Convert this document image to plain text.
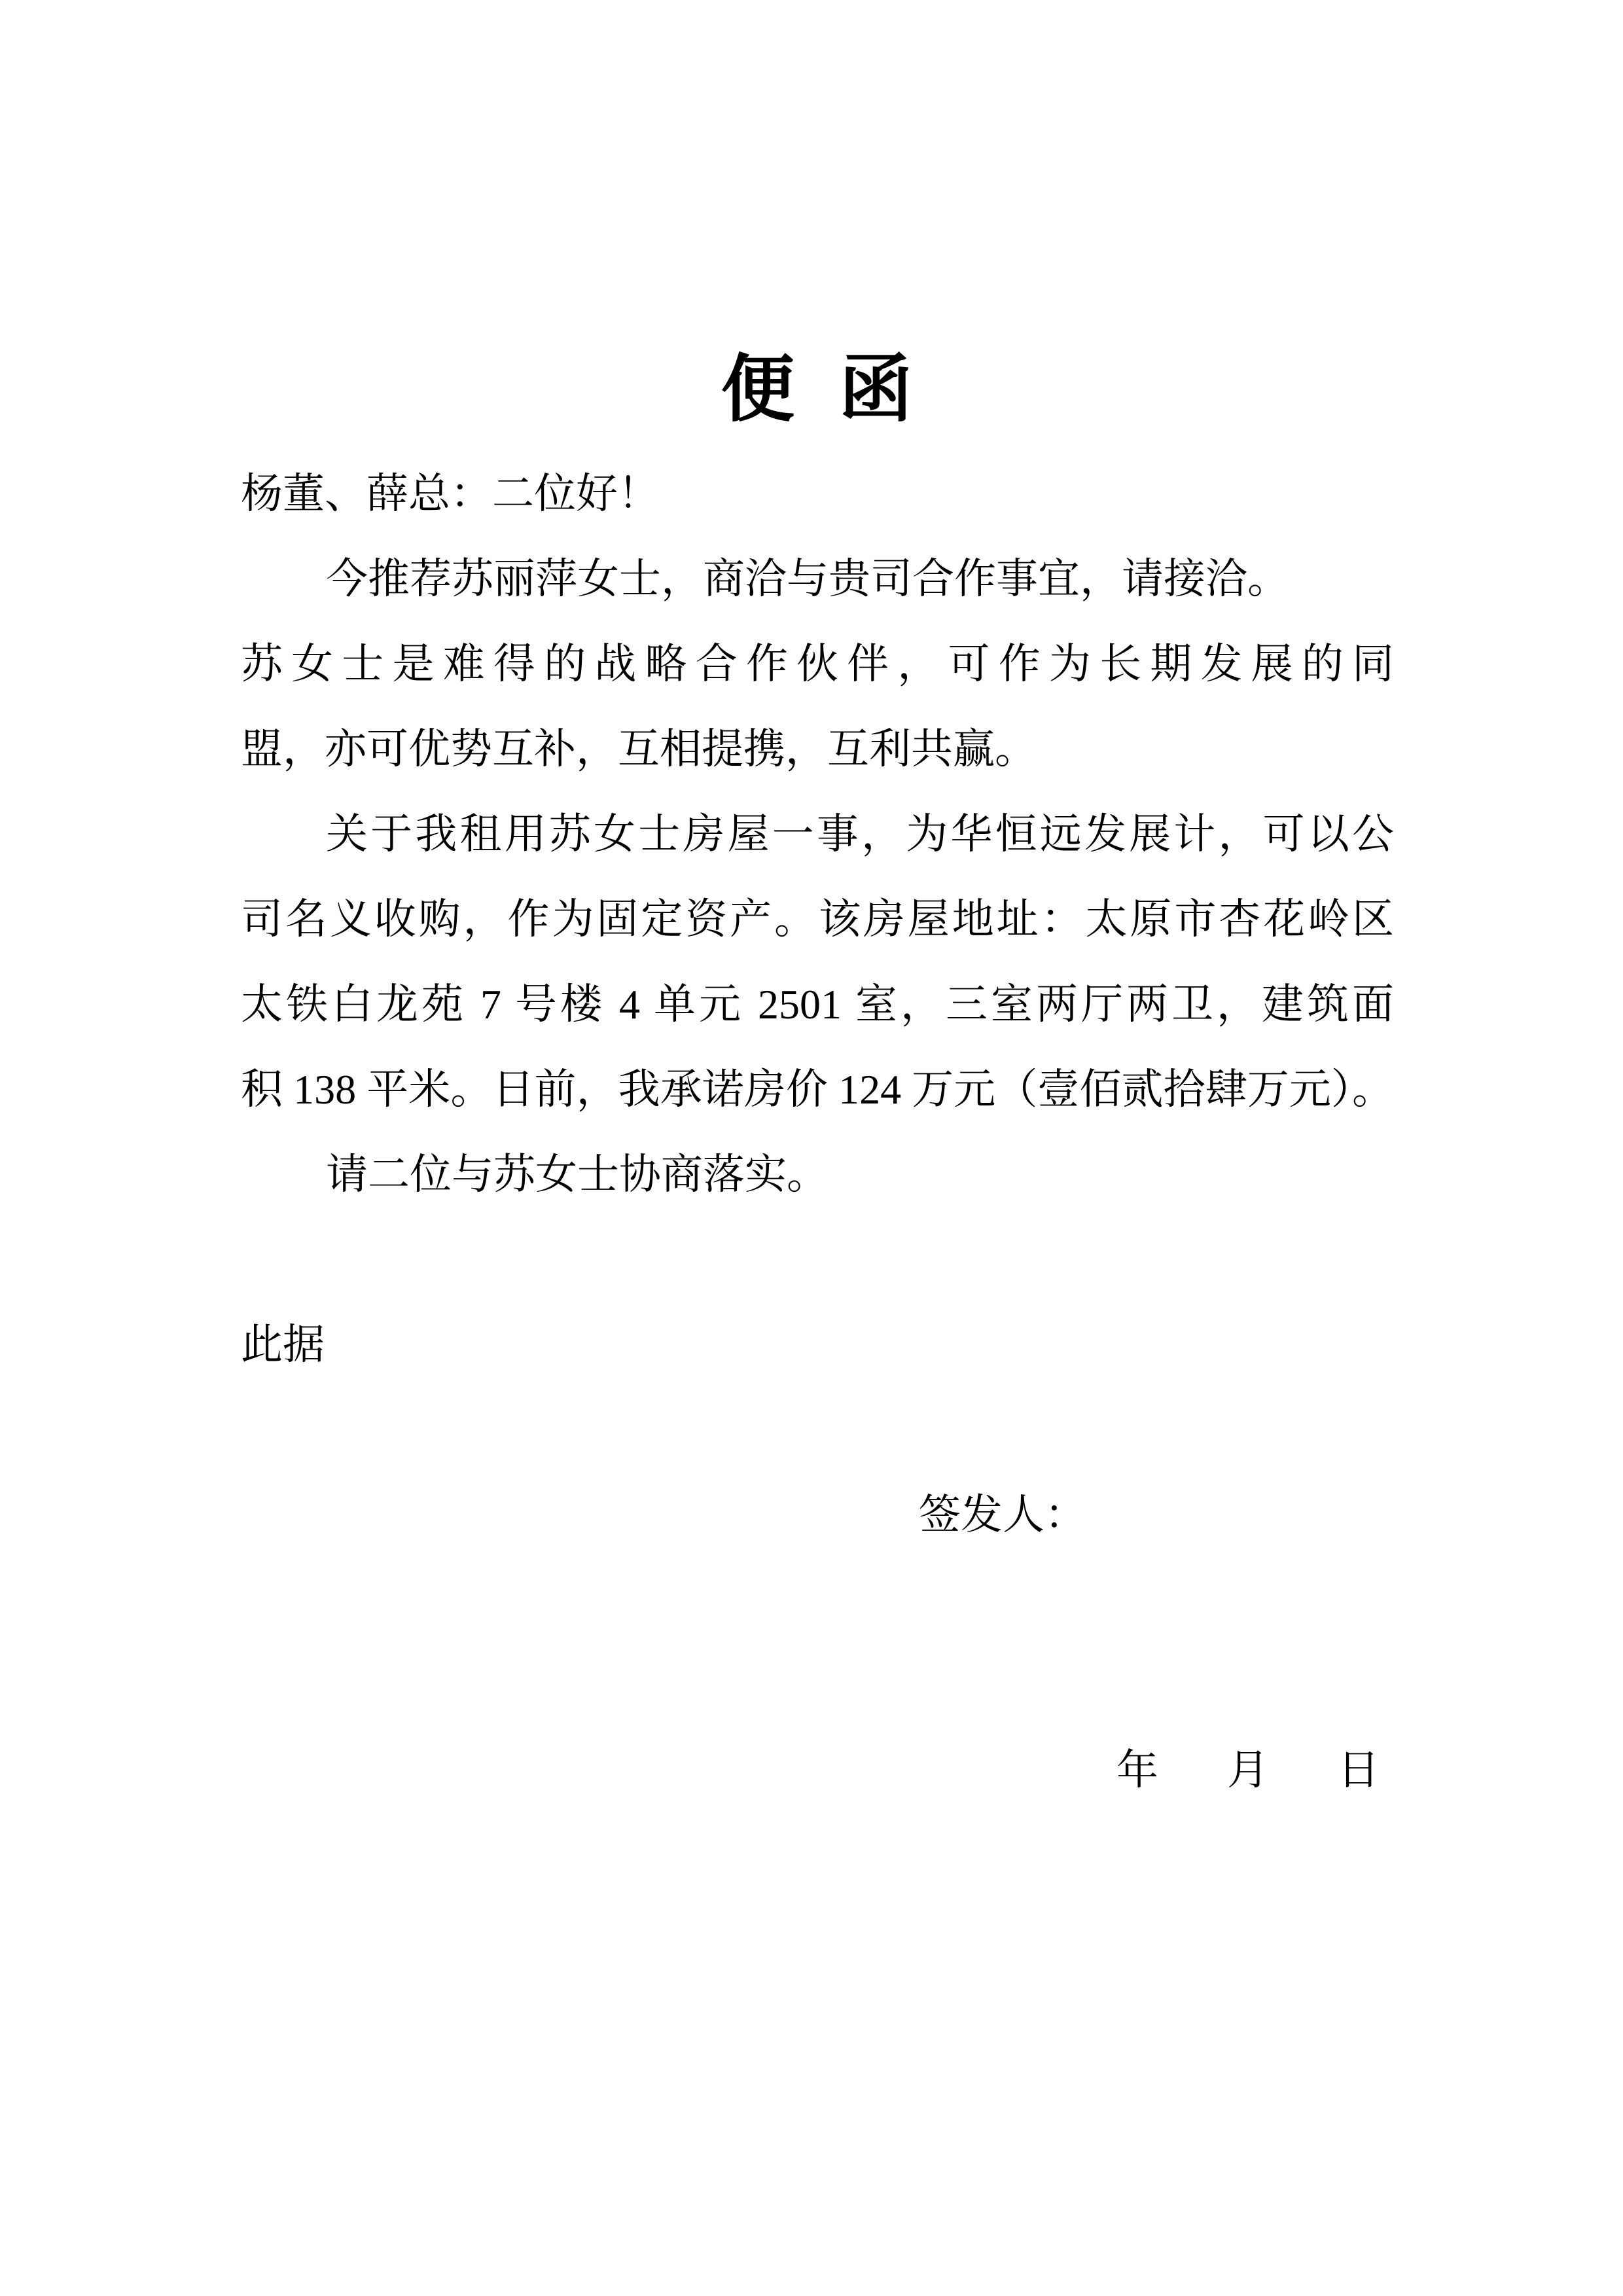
便  函
杨董、薛总：二位好！
今推荐苏丽萍女士，商洽与贵司合作事宜，请接洽。
苏女士是难得的战略合作伙伴，可作为长期发展的同
盟，亦可优势互补，互相提携，互利共赢。
关于我租用苏女士房屋一事，为华恒远发展计，可以公
司名义收购，作为固定资产。该房屋地址：太原市杏花岭区
太铁白龙苑 7 号楼 4 单元 2501 室，三室两厅两卫，建筑面
积 138 平米。日前，我承诺房价 124 万元（壹佰贰拾肆万元）。
请二位与苏女士协商落实。
此据
签发人：

年 月 日
